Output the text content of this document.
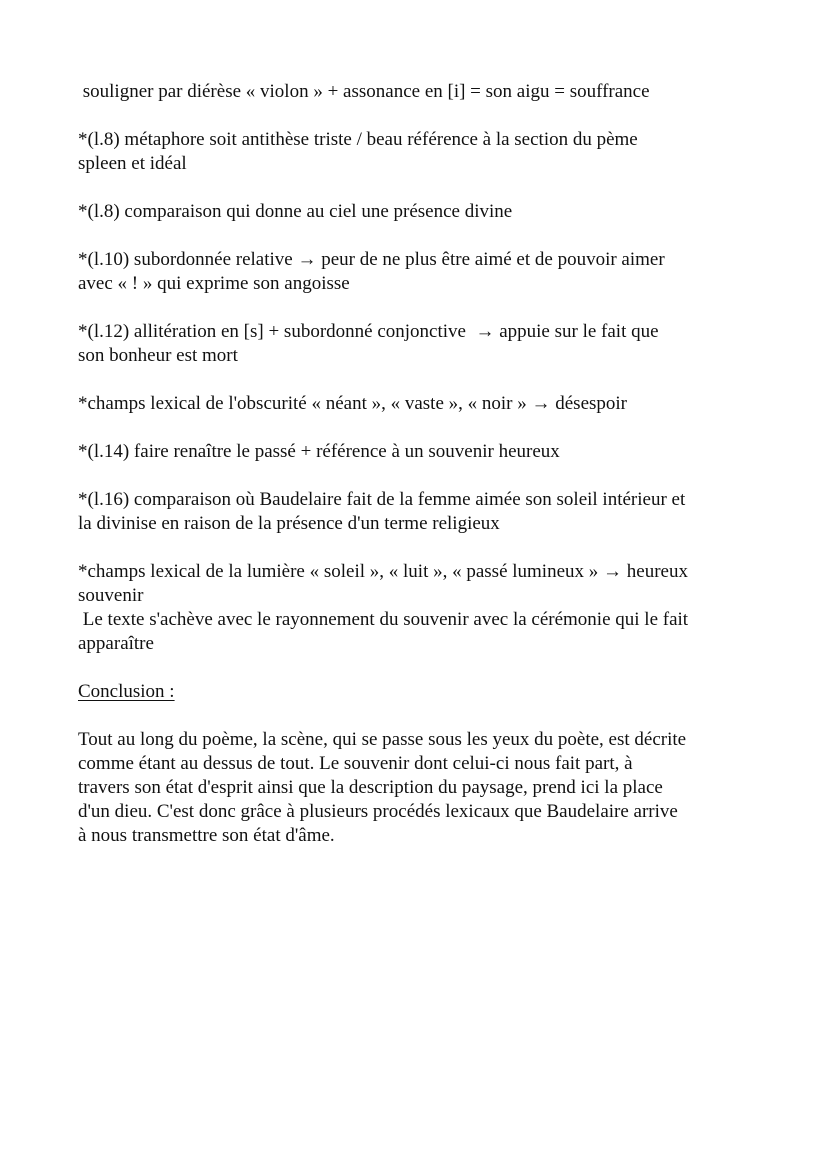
souligner par diérèse « violon » + assonance en [i] = son aigu = souffrance

*(l.8) métaphore soit antithèse triste / beau référence à la section du pème
spleen et idéal

*(l.8) comparaison qui donne au ciel une présence divine

*(l.10) subordonnée relative → peur de ne plus être aimé et de pouvoir aimer
avec « ! » qui exprime son angoisse

*(l.12) allitération en [s] + subordonné conjonctive  → appuie sur le fait que
son bonheur est mort

*champs lexical de l'obscurité « néant », « vaste », « noir » → désespoir

*(l.14) faire renaître le passé + référence à un souvenir heureux

*(l.16) comparaison où Baudelaire fait de la femme aimée son soleil intérieur et
la divinise en raison de la présence d'un terme religieux

*champs lexical de la lumière « soleil », « luit », « passé lumineux » → heureux
souvenir
Le texte s'achève avec le rayonnement du souvenir avec la cérémonie qui le fait
apparaître

Conclusion :

Tout au long du poème, la scène, qui se passe sous les yeux du poète, est décrite
comme étant au dessus de tout. Le souvenir dont celui-ci nous fait part, à
travers son état d'esprit ainsi que la description du paysage, prend ici la place
d'un dieu. C'est donc grâce à plusieurs procédés lexicaux que Baudelaire arrive
à nous transmettre son état d'âme.
